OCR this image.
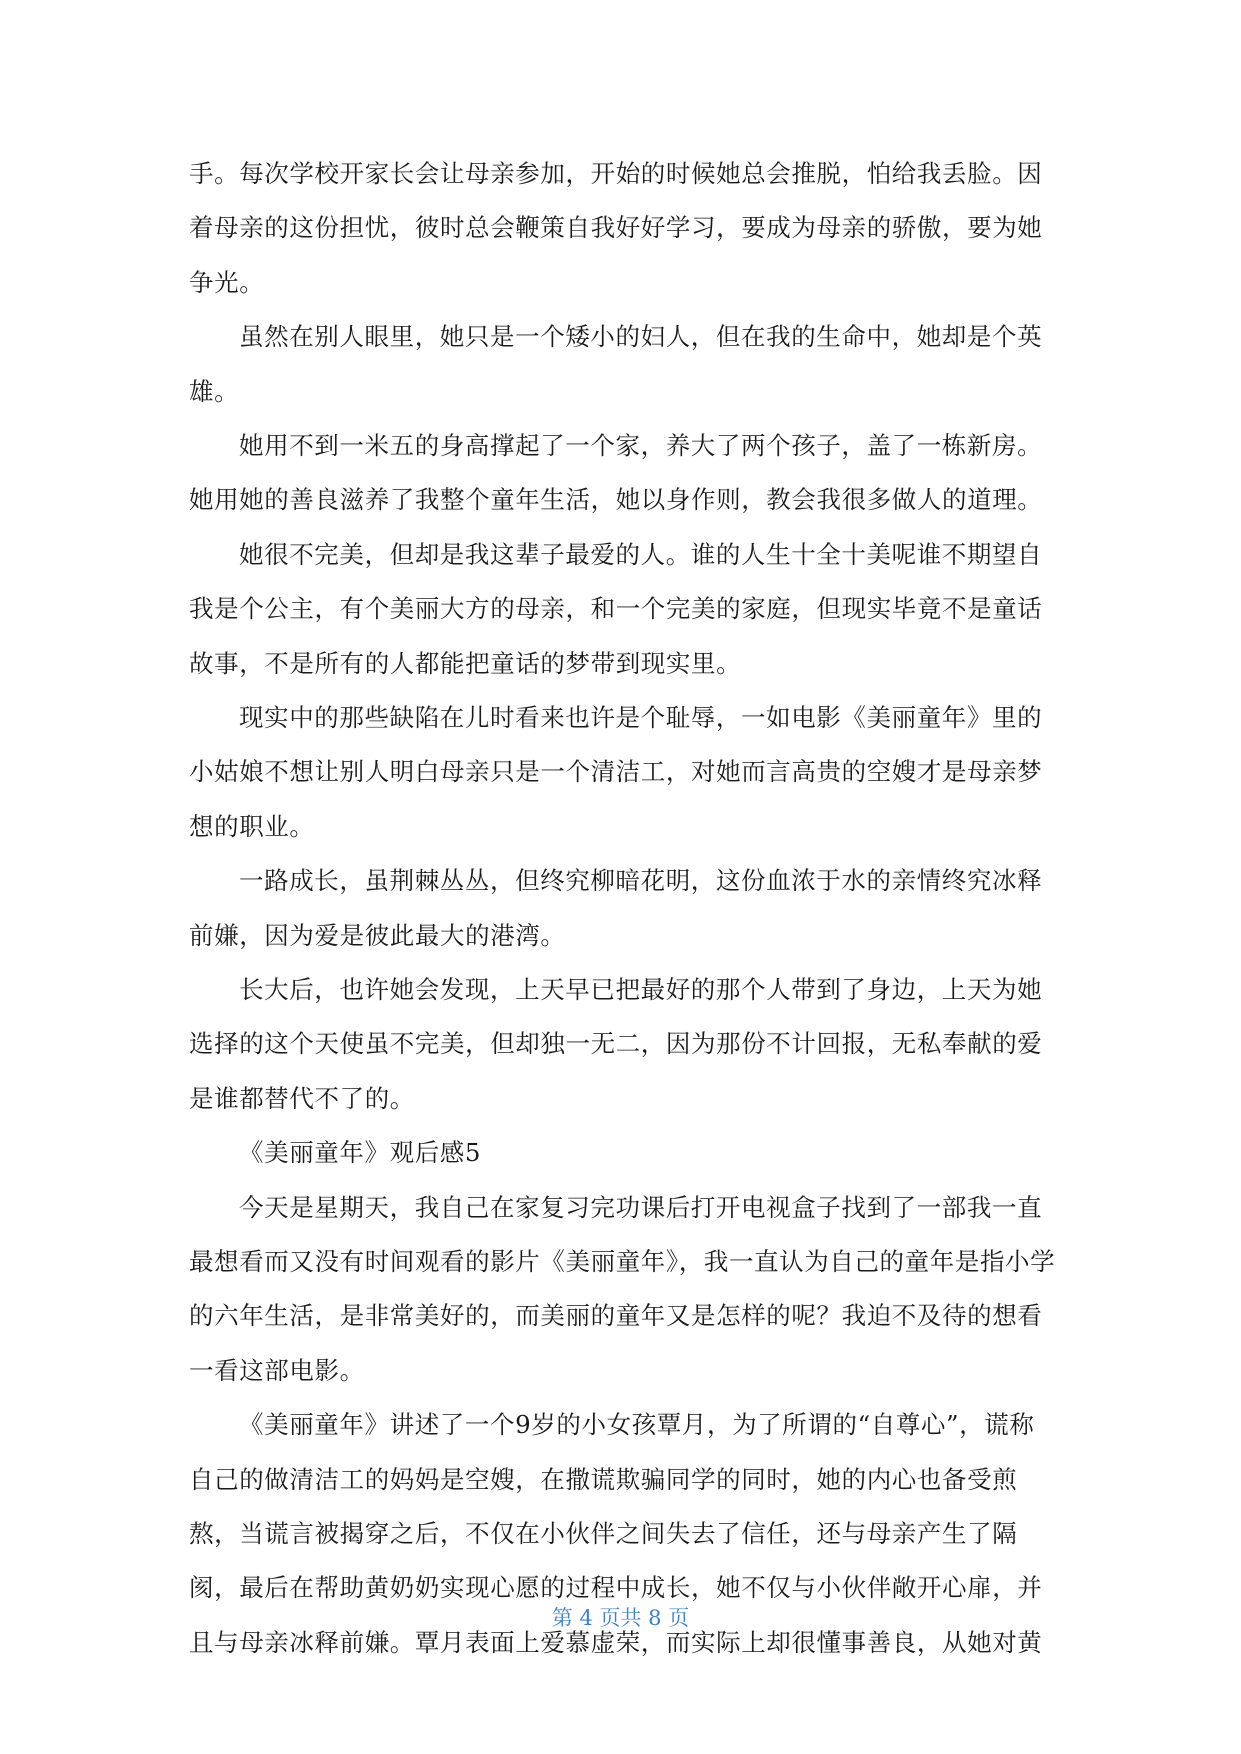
手。每次学校开家长会让母亲参加，开始的时候她总会推脱，怕给我丢脸。因
着母亲的这份担忧，彼时总会鞭策自我好好学习，要成为母亲的骄傲，要为她
争光。
虽然在别人眼里，她只是一个矮小的妇人，但在我的生命中，她却是个英
雄。
她用不到一米五的身高撑起了一个家，养大了两个孩子，盖了一栋新房。
她用她的善良滋养了我整个童年生活，她以身作则，教会我很多做人的道理。
她很不完美，但却是我这辈子最爱的人。谁的人生十全十美呢谁不期望自
我是个公主，有个美丽大方的母亲，和一个完美的家庭，但现实毕竟不是童话
故事，不是所有的人都能把童话的梦带到现实里。
现实中的那些缺陷在儿时看来也许是个耻辱，一如电影《美丽童年》里的
小姑娘不想让别人明白母亲只是一个清洁工，对她而言高贵的空嫂才是母亲梦
想的职业。
一路成长，虽荆棘丛丛，但终究柳暗花明，这份血浓于水的亲情终究冰释
前嫌，因为爱是彼此最大的港湾。
长大后，也许她会发现，上天早已把最好的那个人带到了身边，上天为她
选择的这个天使虽不完美，但却独一无二，因为那份不计回报，无私奉献的爱
是谁都替代不了的。
《美丽童年》观后感5
今天是星期天，我自己在家复习完功课后打开电视盒子找到了一部我一直
最想看而又没有时间观看的影片《美丽童年》，我一直认为自己的童年是指小学
的六年生活，是非常美好的，而美丽的童年又是怎样的呢？我迫不及待的想看
一看这部电影。
《美丽童年》讲述了一个9岁的小女孩覃月，为了所谓的“自尊心”，谎称
自己的做清洁工的妈妈是空嫂，在撒谎欺骗同学的同时，她的内心也备受煎
熬，当谎言被揭穿之后，不仅在小伙伴之间失去了信任，还与母亲产生了隔
阂，最后在帮助黄奶奶实现心愿的过程中成长，她不仅与小伙伴敞开心扉，并
且与母亲冰释前嫌。覃月表面上爱慕虚荣，而实际上却很懂事善良，从她对黄
第 4 页共 8 页
